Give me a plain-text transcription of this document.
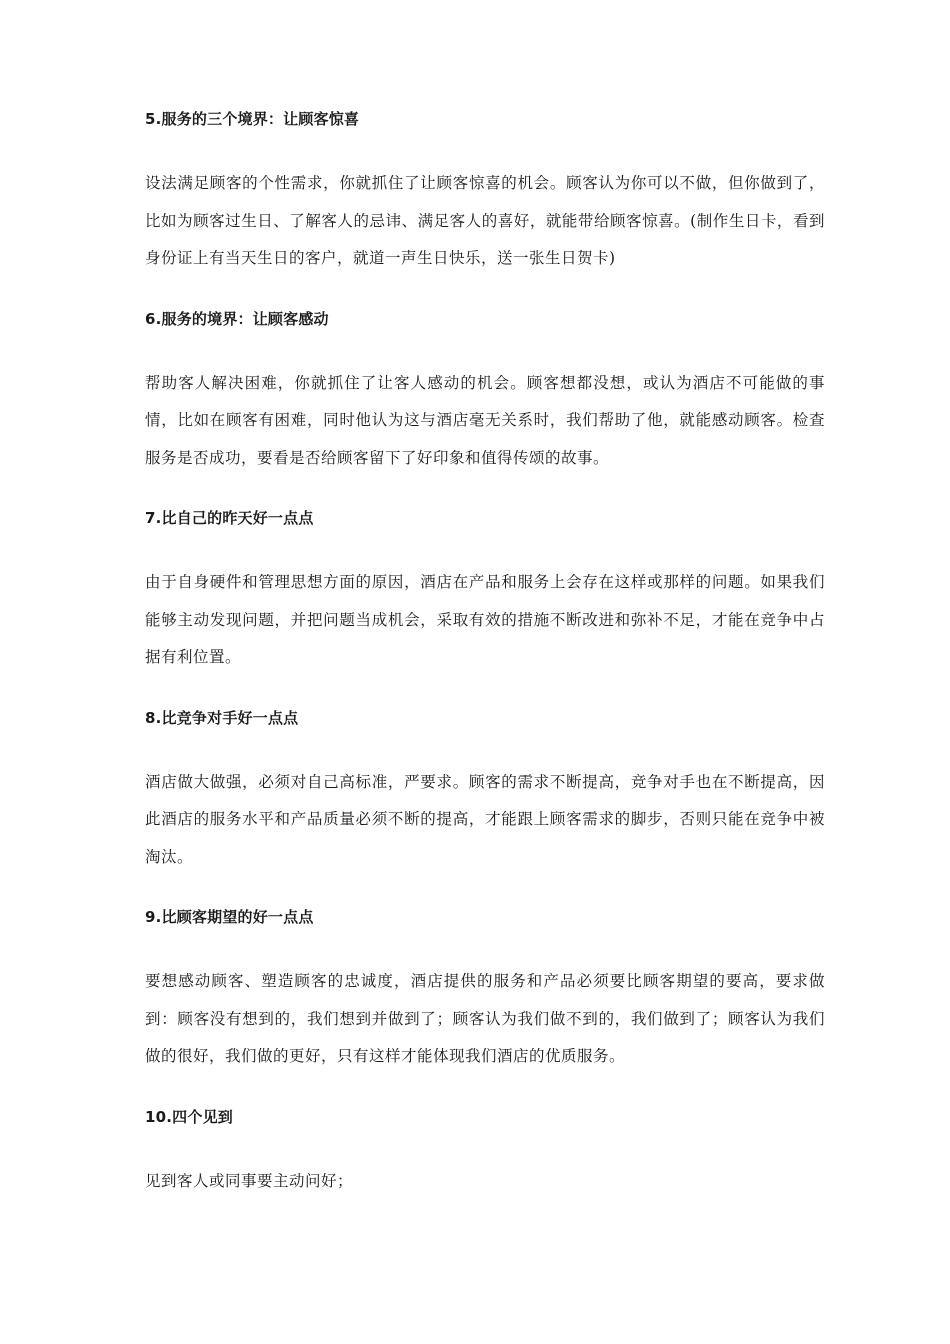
5.服务的三个境界：让顾客惊喜
设法满足顾客的个性需求，你就抓住了让顾客惊喜的机会。顾客认为你可以不做，但你做到了，比如为顾客过生日、了解客人的忌讳、满足客人的喜好，就能带给顾客惊喜。(制作生日卡，看到身份证上有当天生日的客户，就道一声生日快乐，送一张生日贺卡)
6.服务的境界：让顾客感动
帮助客人解决困难，你就抓住了让客人感动的机会。顾客想都没想，或认为酒店不可能做的事情，比如在顾客有困难，同时他认为这与酒店毫无关系时，我们帮助了他，就能感动顾客。检查服务是否成功，要看是否给顾客留下了好印象和值得传颂的故事。
7.比自己的昨天好一点点
由于自身硬件和管理思想方面的原因，酒店在产品和服务上会存在这样或那样的问题。如果我们能够主动发现问题，并把问题当成机会，采取有效的措施不断改进和弥补不足，才能在竞争中占据有利位置。
8.比竞争对手好一点点
酒店做大做强，必须对自己高标准，严要求。顾客的需求不断提高，竞争对手也在不断提高，因此酒店的服务水平和产品质量必须不断的提高，才能跟上顾客需求的脚步，否则只能在竞争中被淘汰。
9.比顾客期望的好一点点
要想感动顾客、塑造顾客的忠诚度，酒店提供的服务和产品必须要比顾客期望的要高，要求做到：顾客没有想到的，我们想到并做到了；顾客认为我们做不到的，我们做到了；顾客认为我们做的很好，我们做的更好，只有这样才能体现我们酒店的优质服务。
10.四个见到
见到客人或同事要主动问好；
